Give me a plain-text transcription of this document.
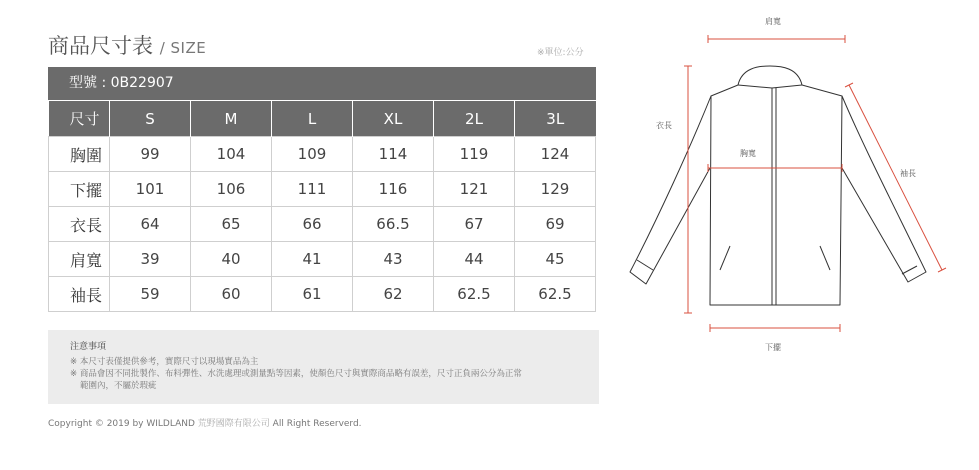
商品尺寸表 / SIZE	※單位:公分
型號 : 0B22907
尺寸	S	M	L	XL	2L	3L
胸圍	99	104	109	114	119	124
下擺	101	106	111	116	121	129
衣長	64	65	66	66.5	67	69
肩寬	39	40	41	43	44	45
袖長	59	60	61	62	62.5	62.5
注意事項
※ 本尺寸表僅提供參考，實際尺寸以現場實品為主
※ 商品會因不同批製作、布料彈性、水洗處理或測量點等因素，使顏色尺寸與實際商品略有誤差，尺寸正負兩公分為正常
範圍內，不屬於瑕疵
Copyright © 2019 by WILDLAND 荒野國際有限公司 All Right Reserverd.
肩寬
衣長
胸寬
袖長
下擺
